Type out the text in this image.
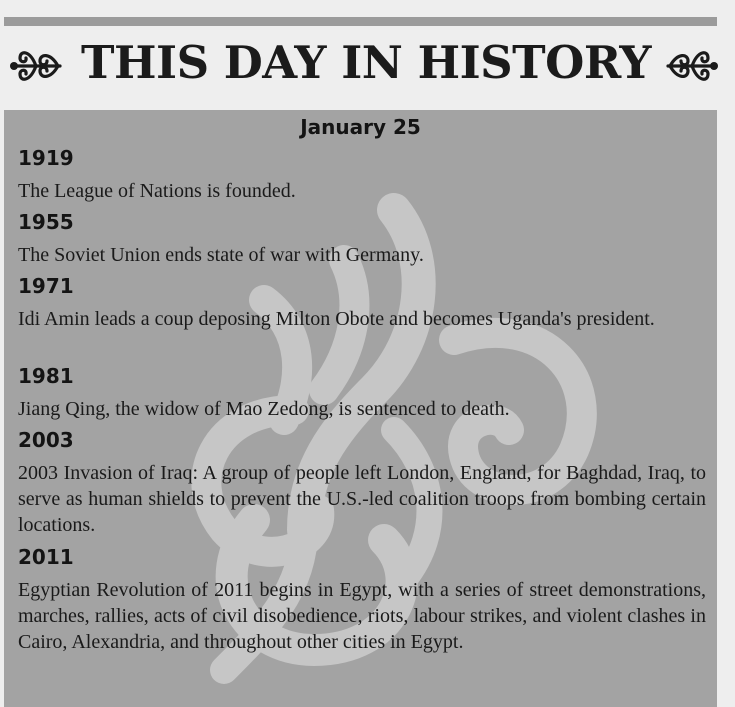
THIS DAY IN HISTORY
January 25
1919
The League of Nations is founded.
1955
The Soviet Union ends state of war with Germany.
1971
Idi Amin leads a coup deposing Milton Obote and becomes Uganda's president.
1981
Jiang Qing, the widow of Mao Zedong, is sentenced to death.
2003
2003 Invasion of Iraq: A group of people left London, England, for Baghdad, Iraq, to serve as human shields to prevent the U.S.-led coalition troops from bombing certain locations.
2011
Egyptian Revolution of 2011 begins in Egypt, with a series of street demonstrations, marches, rallies, acts of civil disobedience, riots, labour strikes, and violent clashes in Cairo, Alexandria, and throughout other cities in Egypt.
